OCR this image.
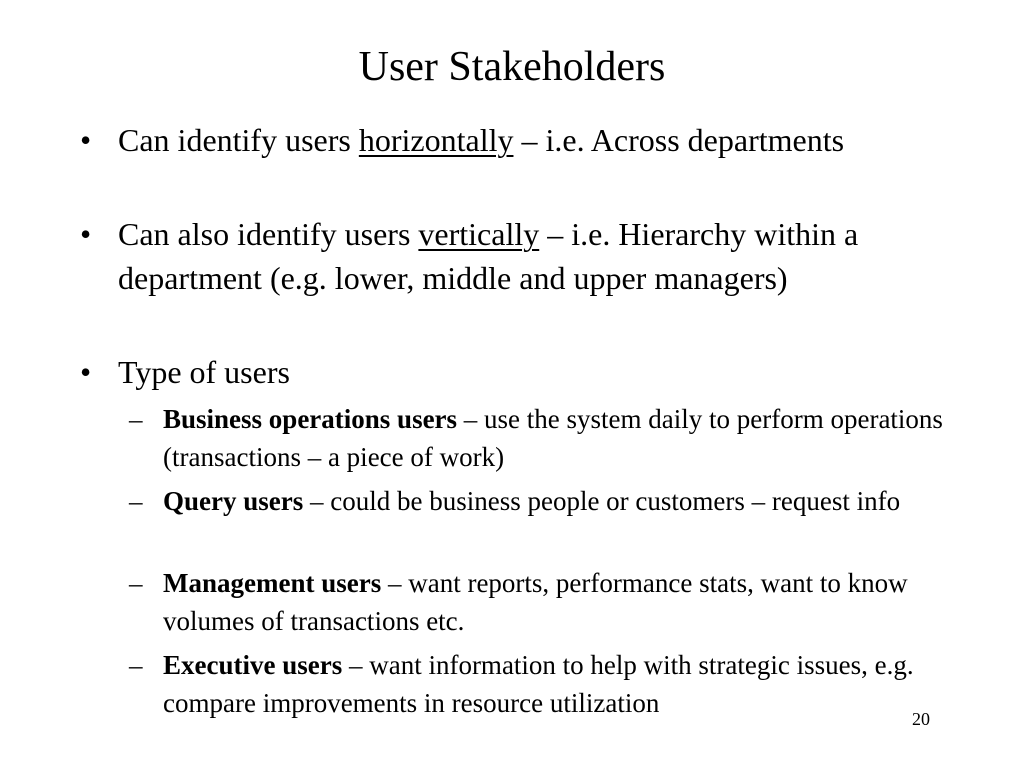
User Stakeholders
• Can identify users horizontally – i.e. Across departments
• Can also identify users vertically – i.e. Hierarchy within a department (e.g. lower, middle and upper managers)
• Type of users
– Business operations users – use the system daily to perform operations (transactions – a piece of work)
– Query users – could be business people or customers – request info
– Management users – want reports, performance stats, want to know volumes of transactions etc.
– Executive users – want information to help with strategic issues, e.g. compare improvements in resource utilization
20
